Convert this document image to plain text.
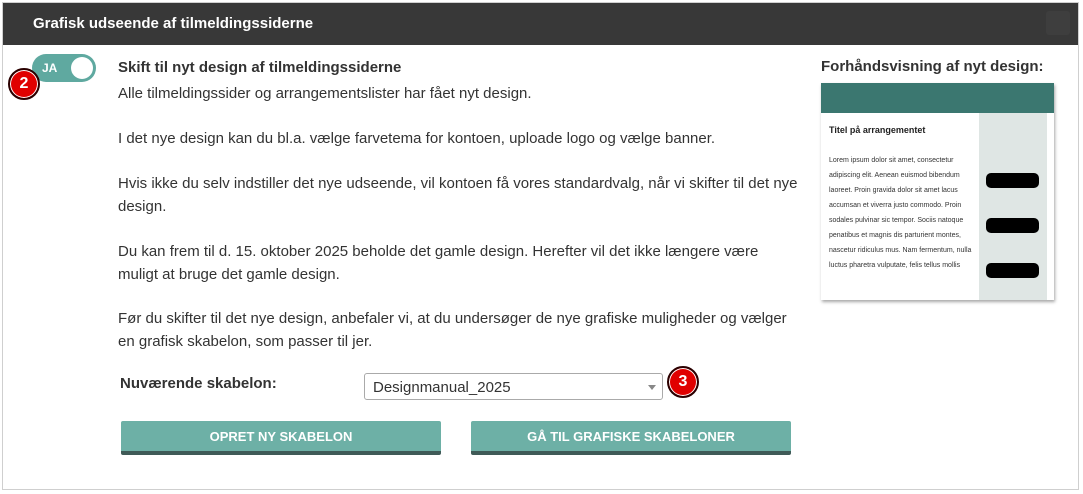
Grafisk udseende af tilmeldingssiderne
JA
2
Skift til nyt design af tilmeldingssiderne
Alle tilmeldingssider og arrangementslister har fået nyt design.
I det nye design kan du bl.a. vælge farvetema for kontoen, uploade logo og vælge banner.
Hvis ikke du selv indstiller det nye udseende, vil kontoen få vores standardvalg, når vi skifter til det nye design.
Du kan frem til d. 15. oktober 2025 beholde det gamle design. Herefter vil det ikke længere være muligt at bruge det gamle design.
Før du skifter til det nye design, anbefaler vi, at du undersøger de nye grafiske muligheder og vælger en grafisk skabelon, som passer til jer.
Nuværende skabelon:	Designmanual_2025	3
OPRET NY SKABELON	GÅ TIL GRAFISKE SKABELONER
Forhåndsvisning af nyt design:
Titel på arrangementet
Lorem ipsum dolor sit amet, consectetur adipiscing elit. Aenean euismod bibendum laoreet. Proin gravida dolor sit amet lacus accumsan et viverra justo commodo. Proin sodales pulvinar sic tempor. Sociis natoque penatibus et magnis dis parturient montes, nascetur ridiculus mus. Nam fermentum, nulla luctus pharetra vulputate, felis tellus mollis
